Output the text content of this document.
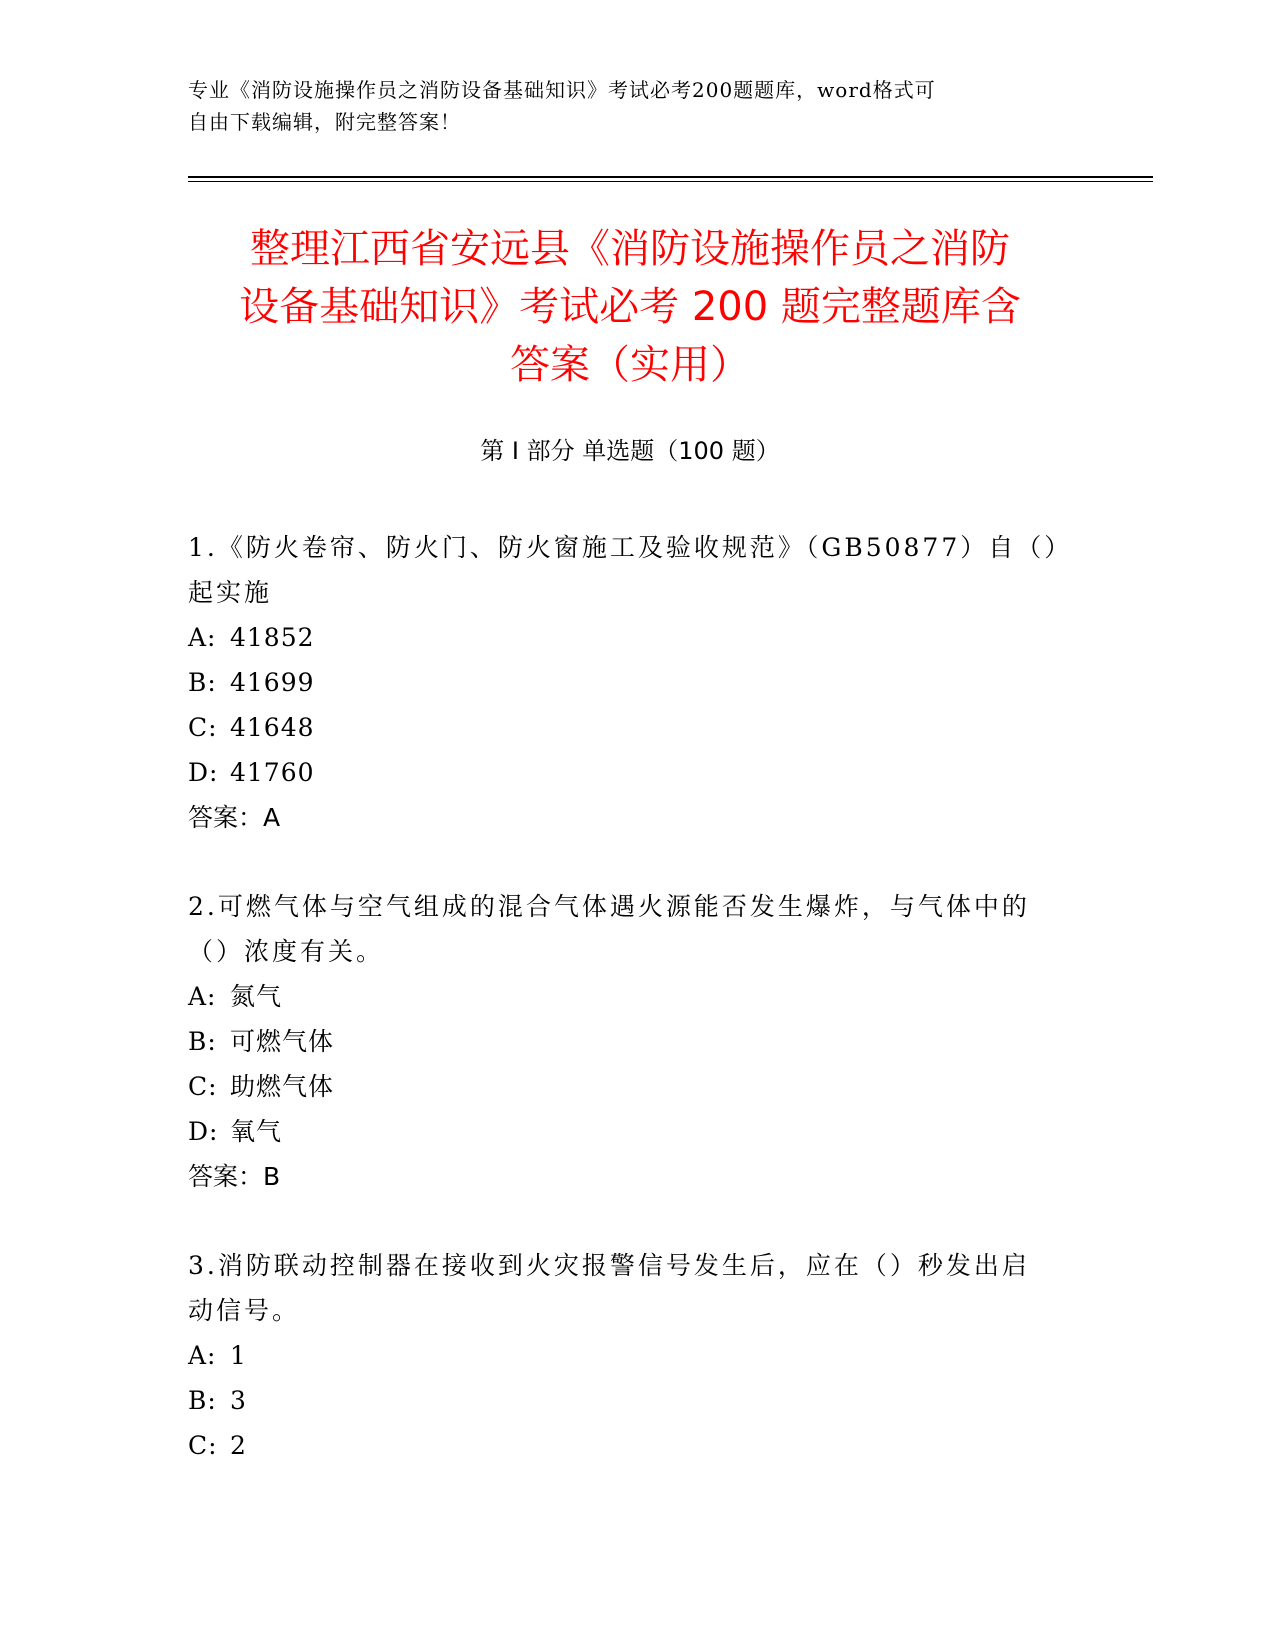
专业《消防设施操作员之消防设备基础知识》考试必考200题题库，word格式可
自由下载编辑，附完整答案！
整理江西省安远县《消防设施操作员之消防
设备基础知识》考试必考 200 题完整题库含
答案（实用）
第 I 部分 单选题（100 题）

1.《防火卷帘、防火门、防火窗施工及验收规范》（GB50877）自（）

起实施

A: 41852

B: 41699

C: 41648

D: 41760

答案：A

2.可燃气体与空气组成的混合气体遇火源能否发生爆炸，与气体中的

（）浓度有关。

A: 氮气

B: 可燃气体

C: 助燃气体

D: 氧气

答案：B

3.消防联动控制器在接收到火灾报警信号发生后，应在（）秒发出启

动信号。

A: 1

B: 3

C: 2
